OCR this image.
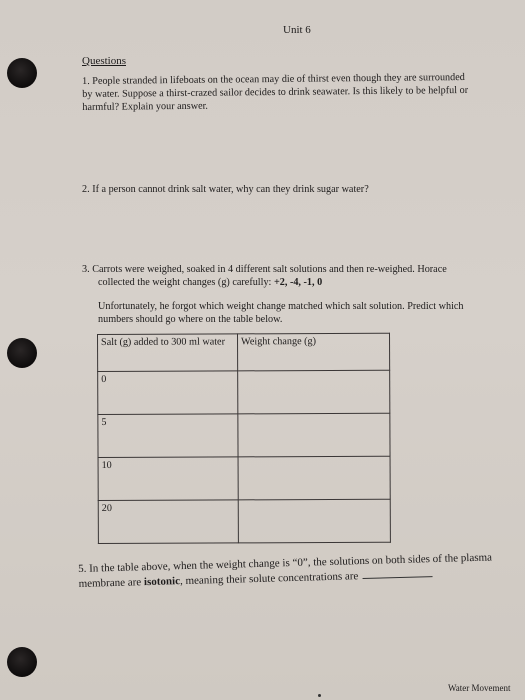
Unit 6
Questions
1. People stranded in lifeboats on the ocean may die of thirst even though they are surrounded
by water. Suppose a thirst-crazed sailor decides to drink seawater. Is this likely to be helpful or
harmful? Explain your answer.
2. If a person cannot drink salt water, why can they drink sugar water?
3. Carrots were weighed, soaked in 4 different salt solutions and then re-weighed. Horace
collected the weight changes (g) carefully: +2, -4, -1, 0
Unfortunately, he forgot which weight change matched which salt solution. Predict which
numbers should go where on the table below.
Salt (g) added to 300 ml water	Weight change (g)
0	
5	
10	
20	
5. In the table above, when the weight change is “0”, the solutions on both sides of the plasma
membrane are isotonic, meaning their solute concentrations are
Water Movement
